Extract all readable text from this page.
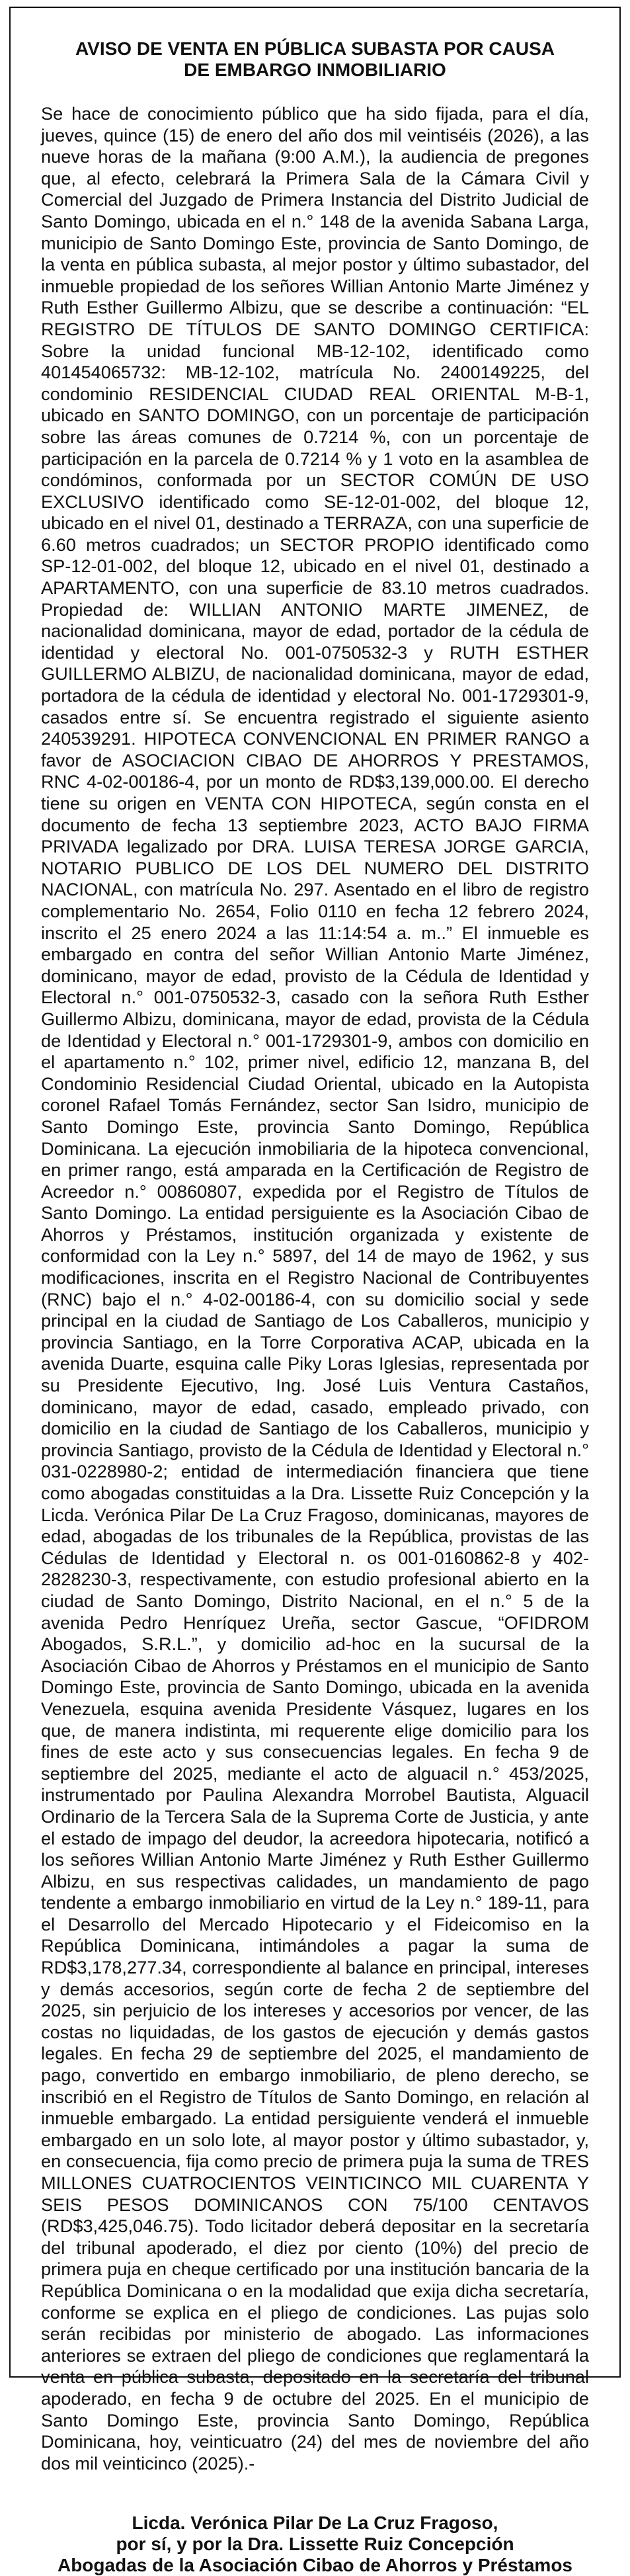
AVISO DE VENTA EN PÚBLICA SUBASTA POR CAUSA
DE EMBARGO INMOBILIARIO

Se hace de conocimiento público que ha sido fijada, para el día, jueves, quince (15) de enero del año dos mil veintiséis (2026), a las nueve horas de la mañana (9:00 A.M.), la audiencia de pregones que, al efecto, celebrará la Primera Sala de la Cámara Civil y Comercial del Juzgado de Primera Instancia del Distrito Judicial de Santo Domingo, ubicada en el n.° 148 de la avenida Sabana Larga, municipio de Santo Domingo Este, provincia de Santo Domingo, de la venta en pública subasta, al mejor postor y último subastador, del inmueble propiedad de los señores Willian Antonio Marte Jiménez y Ruth Esther Guillermo Albizu, que se describe a continuación: “EL REGISTRO DE TÍTULOS DE SANTO DOMINGO CERTIFICA: Sobre la unidad funcional MB-12-102, identificado como 401454065732: MB-12-102, matrícula No. 2400149225, del condominio RESIDENCIAL CIUDAD REAL ORIENTAL M-B-1, ubicado en SANTO DOMINGO, con un porcentaje de participación sobre las áreas comunes de 0.7214 %, con un porcentaje de participación en la parcela de 0.7214 % y 1 voto en la asamblea de condóminos, conformada por un SECTOR COMÚN DE USO EXCLUSIVO identificado como SE-12-01-002, del bloque 12, ubicado en el nivel 01, destinado a TERRAZA, con una superficie de 6.60 metros cuadrados; un SECTOR PROPIO identificado como SP-12-01-002, del bloque 12, ubicado en el nivel 01, destinado a APARTAMENTO, con una superficie de 83.10 metros cuadrados. Propiedad de: WILLIAN ANTONIO MARTE JIMENEZ, de nacionalidad dominicana, mayor de edad, portador de la cédula de identidad y electoral No. 001-0750532-3 y RUTH ESTHER GUILLERMO ALBIZU, de nacionalidad dominicana, mayor de edad, portadora de la cédula de identidad y electoral No. 001-1729301-9, casados entre sí. Se encuentra registrado el siguiente asiento 240539291. HIPOTECA CONVENCIONAL EN PRIMER RANGO a favor de ASOCIACION CIBAO DE AHORROS Y PRESTAMOS, RNC 4-02-00186-4, por un monto de RD$3,139,000.00. El derecho tiene su origen en VENTA CON HIPOTECA, según consta en el documento de fecha 13 septiembre 2023, ACTO BAJO FIRMA PRIVADA legalizado por DRA. LUISA TERESA JORGE GARCIA, NOTARIO PUBLICO DE LOS DEL NUMERO DEL DISTRITO NACIONAL, con matrícula No. 297. Asentado en el libro de registro complementario No. 2654, Folio 0110 en fecha 12 febrero 2024, inscrito el 25 enero 2024 a las 11:14:54 a. m..” El inmueble es embargado en contra del señor Willian Antonio Marte Jiménez, dominicano, mayor de edad, provisto de la Cédula de Identidad y Electoral n.° 001-0750532-3, casado con la señora Ruth Esther Guillermo Albizu, dominicana, mayor de edad, provista de la Cédula de Identidad y Electoral n.° 001-1729301-9, ambos con domicilio en el apartamento n.° 102, primer nivel, edificio 12, manzana B, del Condominio Residencial Ciudad Oriental, ubicado en la Autopista coronel Rafael Tomás Fernández, sector San Isidro, municipio de Santo Domingo Este, provincia Santo Domingo, República Dominicana. La ejecución inmobiliaria de la hipoteca convencional, en primer rango, está amparada en la Certificación de Registro de Acreedor n.° 00860807, expedida por el Registro de Títulos de Santo Domingo. La entidad persiguiente es la Asociación Cibao de Ahorros y Préstamos, institución organizada y existente de conformidad con la Ley n.° 5897, del 14 de mayo de 1962, y sus modificaciones, inscrita en el Registro Nacional de Contribuyentes (RNC) bajo el n.° 4-02-00186-4, con su domicilio social y sede principal en la ciudad de Santiago de Los Caballeros, municipio y provincia Santiago, en la Torre Corporativa ACAP, ubicada en la avenida Duarte, esquina calle Piky Loras Iglesias, representada por su Presidente Ejecutivo, Ing. José Luis Ventura Castaños, dominicano, mayor de edad, casado, empleado privado, con domicilio en la ciudad de Santiago de los Caballeros, municipio y provincia Santiago, provisto de la Cédula de Identidad y Electoral n.° 031-0228980-2; entidad de intermediación financiera que tiene como abogadas constituidas a la Dra. Lissette Ruiz Concepción y la Licda. Verónica Pilar De La Cruz Fragoso, dominicanas, mayores de edad, abogadas de los tribunales de la República, provistas de las Cédulas de Identidad y Electoral n. os 001-0160862-8 y 402-2828230-3, respectivamente, con estudio profesional abierto en la ciudad de Santo Domingo, Distrito Nacional, en el n.° 5 de la avenida Pedro Henríquez Ureña, sector Gascue, “OFIDROM Abogados, S.R.L.”, y domicilio ad-hoc en la sucursal de la Asociación Cibao de Ahorros y Préstamos en el municipio de Santo Domingo Este, provincia de Santo Domingo, ubicada en la avenida Venezuela, esquina avenida Presidente Vásquez, lugares en los que, de manera indistinta, mi requerente elige domicilio para los fines de este acto y sus consecuencias legales. En fecha 9 de septiembre del 2025, mediante el acto de alguacil n.° 453/2025, instrumentado por Paulina Alexandra Morrobel Bautista, Alguacil Ordinario de la Tercera Sala de la Suprema Corte de Justicia, y ante el estado de impago del deudor, la acreedora hipotecaria, notificó a los señores Willian Antonio Marte Jiménez y Ruth Esther Guillermo Albizu, en sus respectivas calidades, un mandamiento de pago tendente a embargo inmobiliario en virtud de la Ley n.° 189-11, para el Desarrollo del Mercado Hipotecario y el Fideicomiso en la República Dominicana, intimándoles a pagar la suma de RD$3,178,277.34, correspondiente al balance en principal, intereses y demás accesorios, según corte de fecha 2 de septiembre del 2025, sin perjuicio de los intereses y accesorios por vencer, de las costas no liquidadas, de los gastos de ejecución y demás gastos legales. En fecha 29 de septiembre del 2025, el mandamiento de pago, convertido en embargo inmobiliario, de pleno derecho, se inscribió en el Registro de Títulos de Santo Domingo, en relación al inmueble embargado. La entidad persiguiente venderá el inmueble embargado en un solo lote, al mayor postor y último subastador, y, en consecuencia, fija como precio de primera puja la suma de TRES MILLONES CUATROCIENTOS VEINTICINCO MIL CUARENTA Y SEIS PESOS DOMINICANOS CON 75/100 CENTAVOS (RD$3,425,046.75). Todo licitador deberá depositar en la secretaría del tribunal apoderado, el diez por ciento (10%) del precio de primera puja en cheque certificado por una institución bancaria de la República Dominicana o en la modalidad que exija dicha secretaría, conforme se explica en el pliego de condiciones. Las pujas solo serán recibidas por ministerio de abogado. Las informaciones anteriores se extraen del pliego de condiciones que reglamentará la venta en pública subasta, depositado en la secretaría del tribunal apoderado, en fecha 9 de octubre del 2025. En el municipio de Santo Domingo Este, provincia Santo Domingo, República Dominicana, hoy, veinticuatro (24) del mes de noviembre del año dos mil veinticinco (2025).-

Licda. Verónica Pilar De La Cruz Fragoso,
por sí, y por la Dra. Lissette Ruiz Concepción
Abogadas de la Asociación Cibao de Ahorros y Préstamos
